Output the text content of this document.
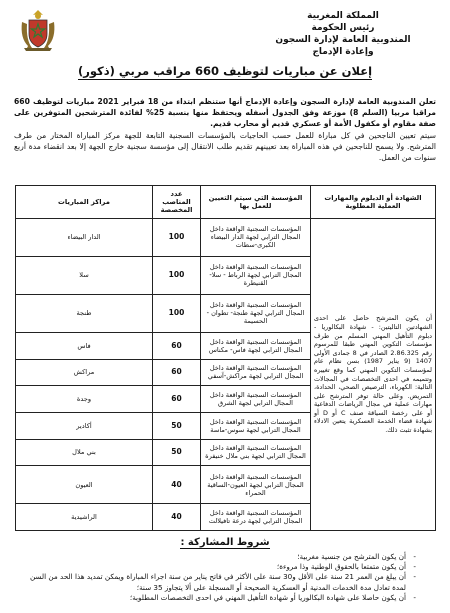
المملكة المغربية
رئيس الحكومة
المندوبية العامة لإدارة السجون
وإعادة الإدماج
إعلان عن مباريات لتوظيف 660 مراقب مربي (ذكور)

تعلن المندوبية العامة لإدارة السجون وإعادة الإدماج أنها ستنظم ابتداء من 18 فبراير 2021 مباريات لتوظيف 660 مراقبا مربيا (السلم 8) موزعة وفق الجدول أسفله ويحتفظ منها بنسبة 25% لفائدة المترشحين المتوفرين على صفة مقاوم أو مكفول الأمة أو عسكري قديم أو محارب قديم.

سيتم تعيين الناجحين في كل مباراة للعمل حسب الحاجيات بالمؤسسات السجنية التابعة للجهة مركز المباراة المختار من طرف المترشح. ولا يسمح للناجحين في هذه المباراة بعد تعيينهم تقديم طلب الانتقال إلى مؤسسة سجنية خارج الجهة إلا بعد انقضاء مدة أربع سنوات من العمل.

الشهادة أو الدبلوم والمهارات العملية المطلوبة	المؤسسة التي سيتم التعيين للعمل بها	عدد المناصب المخصصة	مراكز المباريات
أن يكون المترشح حاصل على احدى الشهادتين التاليتين: - شهادة البكالوريا - دبلوم التأهيل المهني المسلم من طرف مؤسسات التكوين المهني طبقا للمرسوم رقم 2.86.325 الصادر في 8 جمادى الأولى 1407 (9 يناير 1987) بسن نظام عام لمؤسسات التكوين المهني كما وقع تغييره وتتميمه في احدى التخصصات في المجالات التالية: الكهرباء، الترصيص الصحي، الحدادة، التمريض. وعلى حالة توفر المترشح على مهارات عملية في مجال الرياضات الدفاعية أو على رخصة السياقة صنف C أو D أو شهادة قضاء الخدمة العسكرية يتعين الادلاء بشهادة تثبت ذلك.	المؤسسات السجنية الواقعة داخل المجال الترابي لجهة الدار البيضاء الكبرى-سطات	100	الدار البيضاء
	المؤسسات السجنية الواقعة داخل المجال الترابي لجهة الرباط - سلا- القنيطرة	100	سلا
	المؤسسات السجنية الواقعة داخل المجال الترابي لجهة طنجة- تطوان - الحسيمة	100	طنجة
	المؤسسات السجنية الواقعة داخل المجال الترابي لجهة فاس- مكناس	60	فاس
	المؤسسات السجنية الواقعة داخل المجال الترابي لجهة مراكش-آسفي	60	مراكش
	المؤسسات السجنية الواقعة داخل المجال الترابي لجهة الشرق	60	وجدة
	المؤسسات السجنية الواقعة داخل المجال الترابي لجهة سوس-ماسة	50	أكادير
	المؤسسات السجنية الواقعة داخل المجال الترابي لجهة بني ملال خنيفرة	50	بني ملال
	المؤسسات السجنية الواقعة داخل المجال الترابي لجهة العيون-الساقية الحمراء	40	العيون
	المؤسسات السجنية الواقعة داخل المجال الترابي لجهة درعة تافيلالت	40	الراشيدية
شروط المشاركة :
- أن يكون المترشح من جنسية مغربية؛
- أن يكون متمتعا بالحقوق الوطنية وذا مروءة؛
- أن يبلغ من العمر 21 سنة على الأقل و30 سنة على الأكثر في فاتح يناير من سنة اجراء المباراة ويمكن تمديد هذا الحد من السن لمدة تعادل مدة الخدمات المدنية أو العسكرية الصحيحة أو المسجلة على ألا يتجاوز 35 سنة؛
- أن يكون حاصلا على شهادة البكالوريا أو شهادة التأهيل المهني في احدى التخصصات المطلوبة؛
